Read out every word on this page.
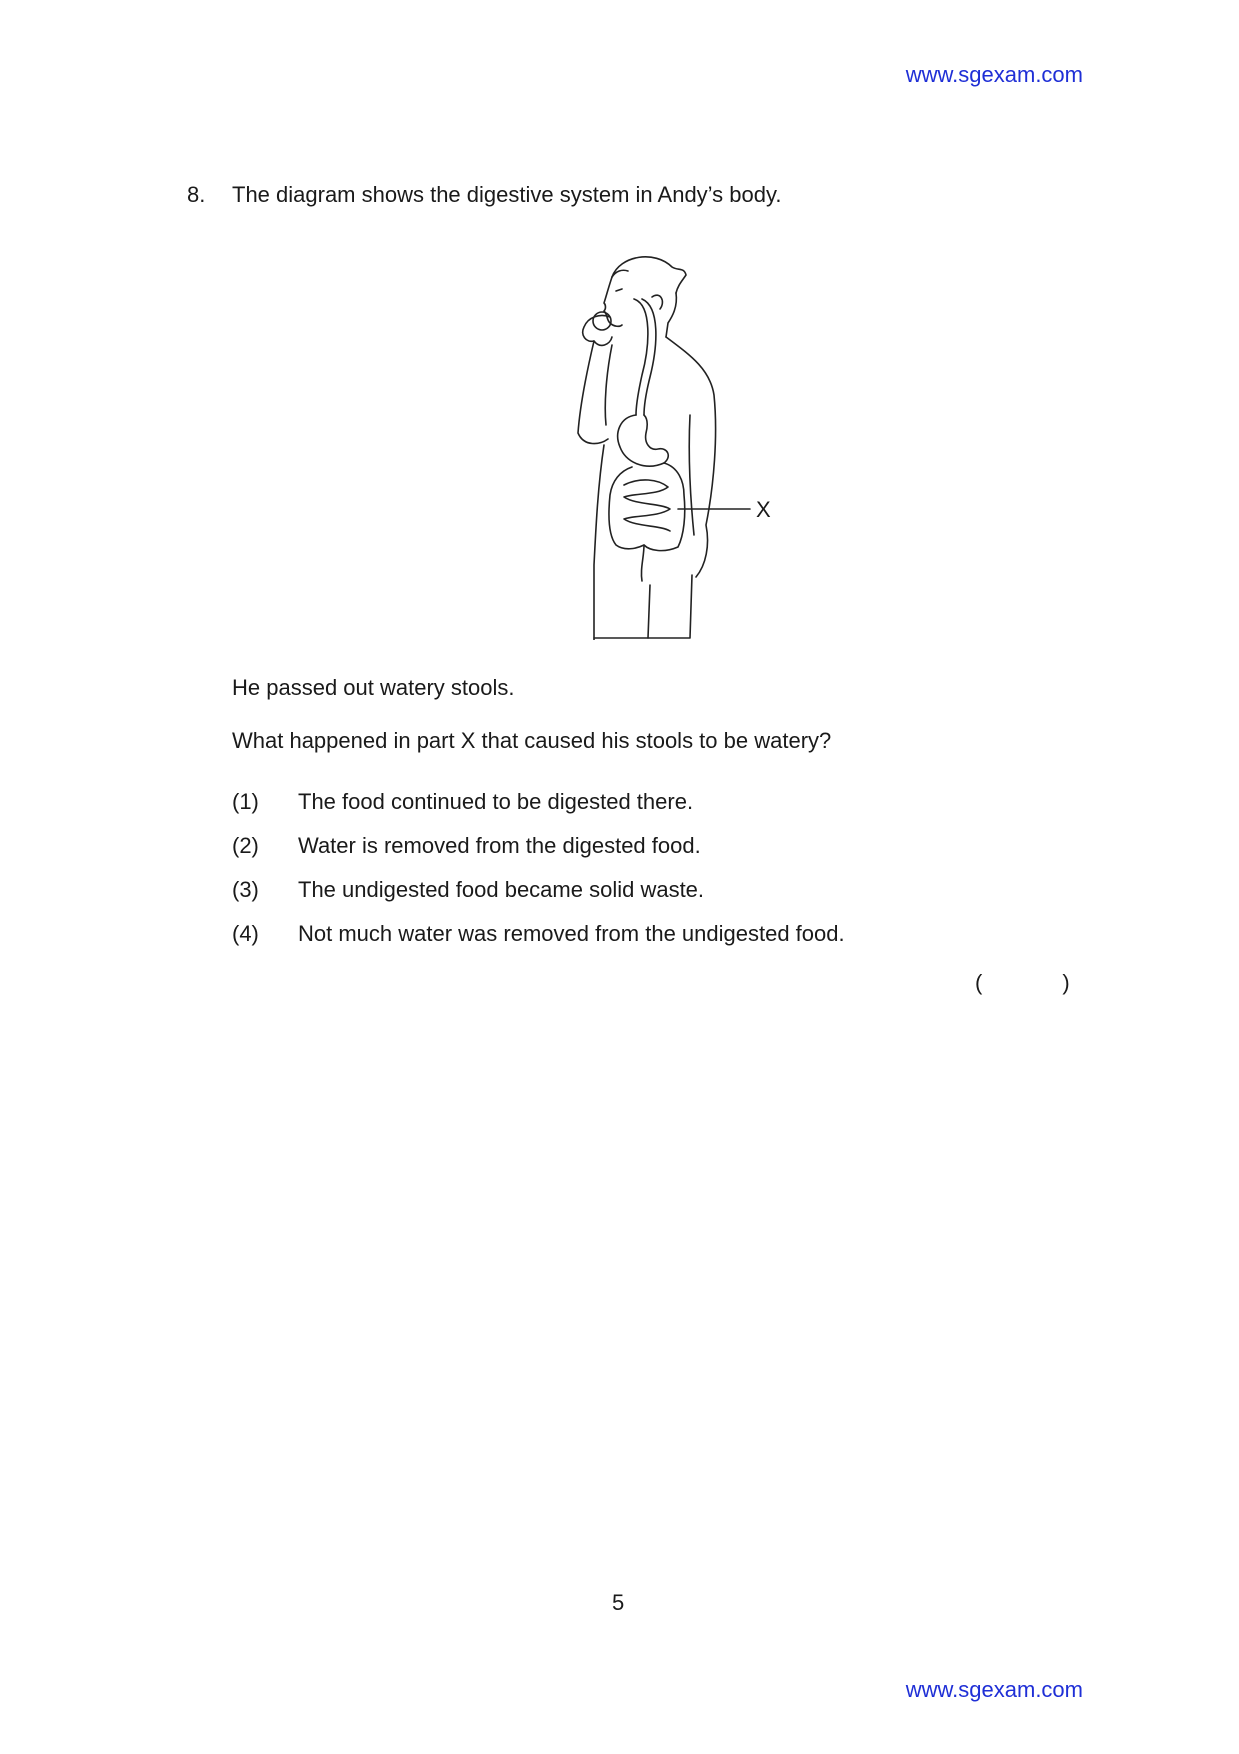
www.sgexam.com
8. The diagram shows the digestive system in Andy’s body.
X
He passed out watery stools.
What happened in part X that caused his stools to be watery?
(1)	The food continued to be digested there.
(2)	Water is removed from the digested food.
(3)	The undigested food became solid waste.
(4)	Not much water was removed from the undigested food.
(	)
5
www.sgexam.com
